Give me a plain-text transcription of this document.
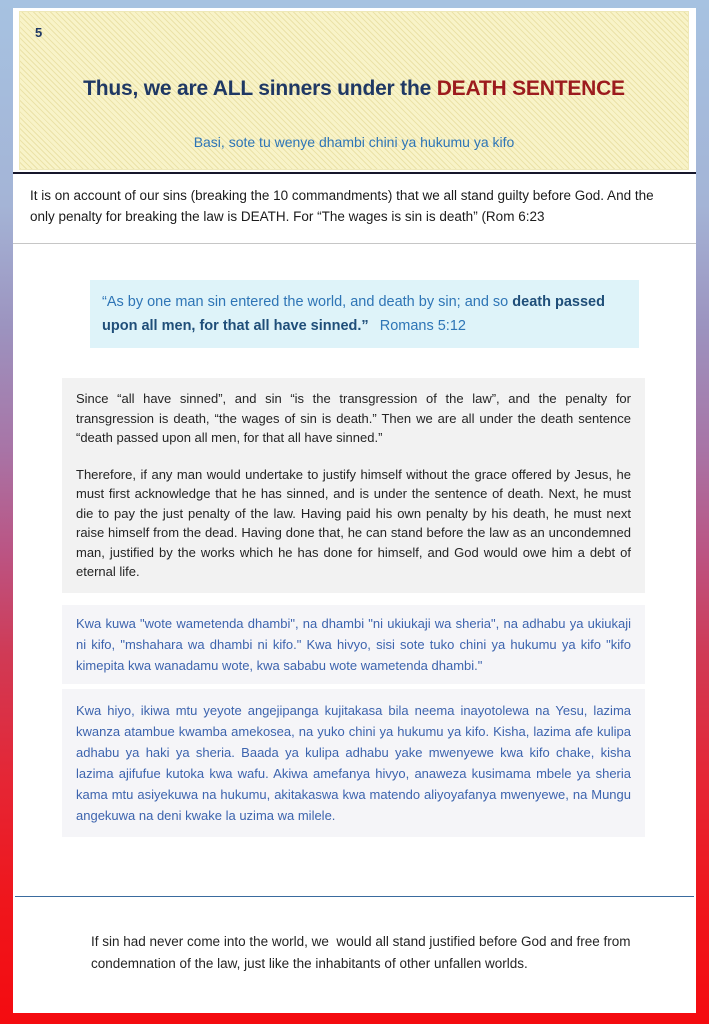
5
Thus, we are ALL sinners under the DEATH SENTENCE
Basi, sote tu wenye dhambi chini ya hukumu ya kifo
It is on account of our sins (breaking the 10 commandments) that we all stand guilty before God. And the only penalty for breaking the law is DEATH. For “The wages is sin is death” (Rom 6:23
“As by one man sin entered the world, and death by sin; and so death passed upon all men, for that all have sinned.” Romans 5:12

Since “all have sinned”, and sin “is the transgression of the law”, and the penalty for transgression is death, “the wages of sin is death.” Then we are all under the death sentence “death passed upon all men, for that all have sinned.”

Therefore, if any man would undertake to justify himself without the grace offered by Jesus, he must first acknowledge that he has sinned, and is under the sentence of death. Next, he must die to pay the just penalty of the law. Having paid his own penalty by his death, he must next raise himself from the dead. Having done that, he can stand before the law as an uncondemned man, justified by the works which he has done for himself, and God would owe him a debt of eternal life.

Kwa kuwa "wote wametenda dhambi", na dhambi "ni ukiukaji wa sheria", na adhabu ya ukiukaji ni kifo, "mshahara wa dhambi ni kifo." Kwa hivyo, sisi sote tuko chini ya hukumu ya kifo "kifo kimepita kwa wanadamu wote, kwa sababu wote wametenda dhambi."
Kwa hiyo, ikiwa mtu yeyote angejipanga kujitakasa bila neema inayotolewa na Yesu, lazima kwanza atambue kwamba amekosea, na yuko chini ya hukumu ya kifo. Kisha, lazima afe kulipa adhabu ya haki ya sheria. Baada ya kulipa adhabu yake mwenyewe kwa kifo chake, kisha lazima ajifufue kutoka kwa wafu. Akiwa amefanya hivyo, anaweza kusimama mbele ya sheria kama mtu asiyekuwa na hukumu, akitakaswa kwa matendo aliyoyafanya mwenyewe, na Mungu angekuwa na deni kwake la uzima wa milele.
If sin had never come into the world, we  would all stand justified before God and free from condemnation of the law, just like the inhabitants of other unfallen worlds.
